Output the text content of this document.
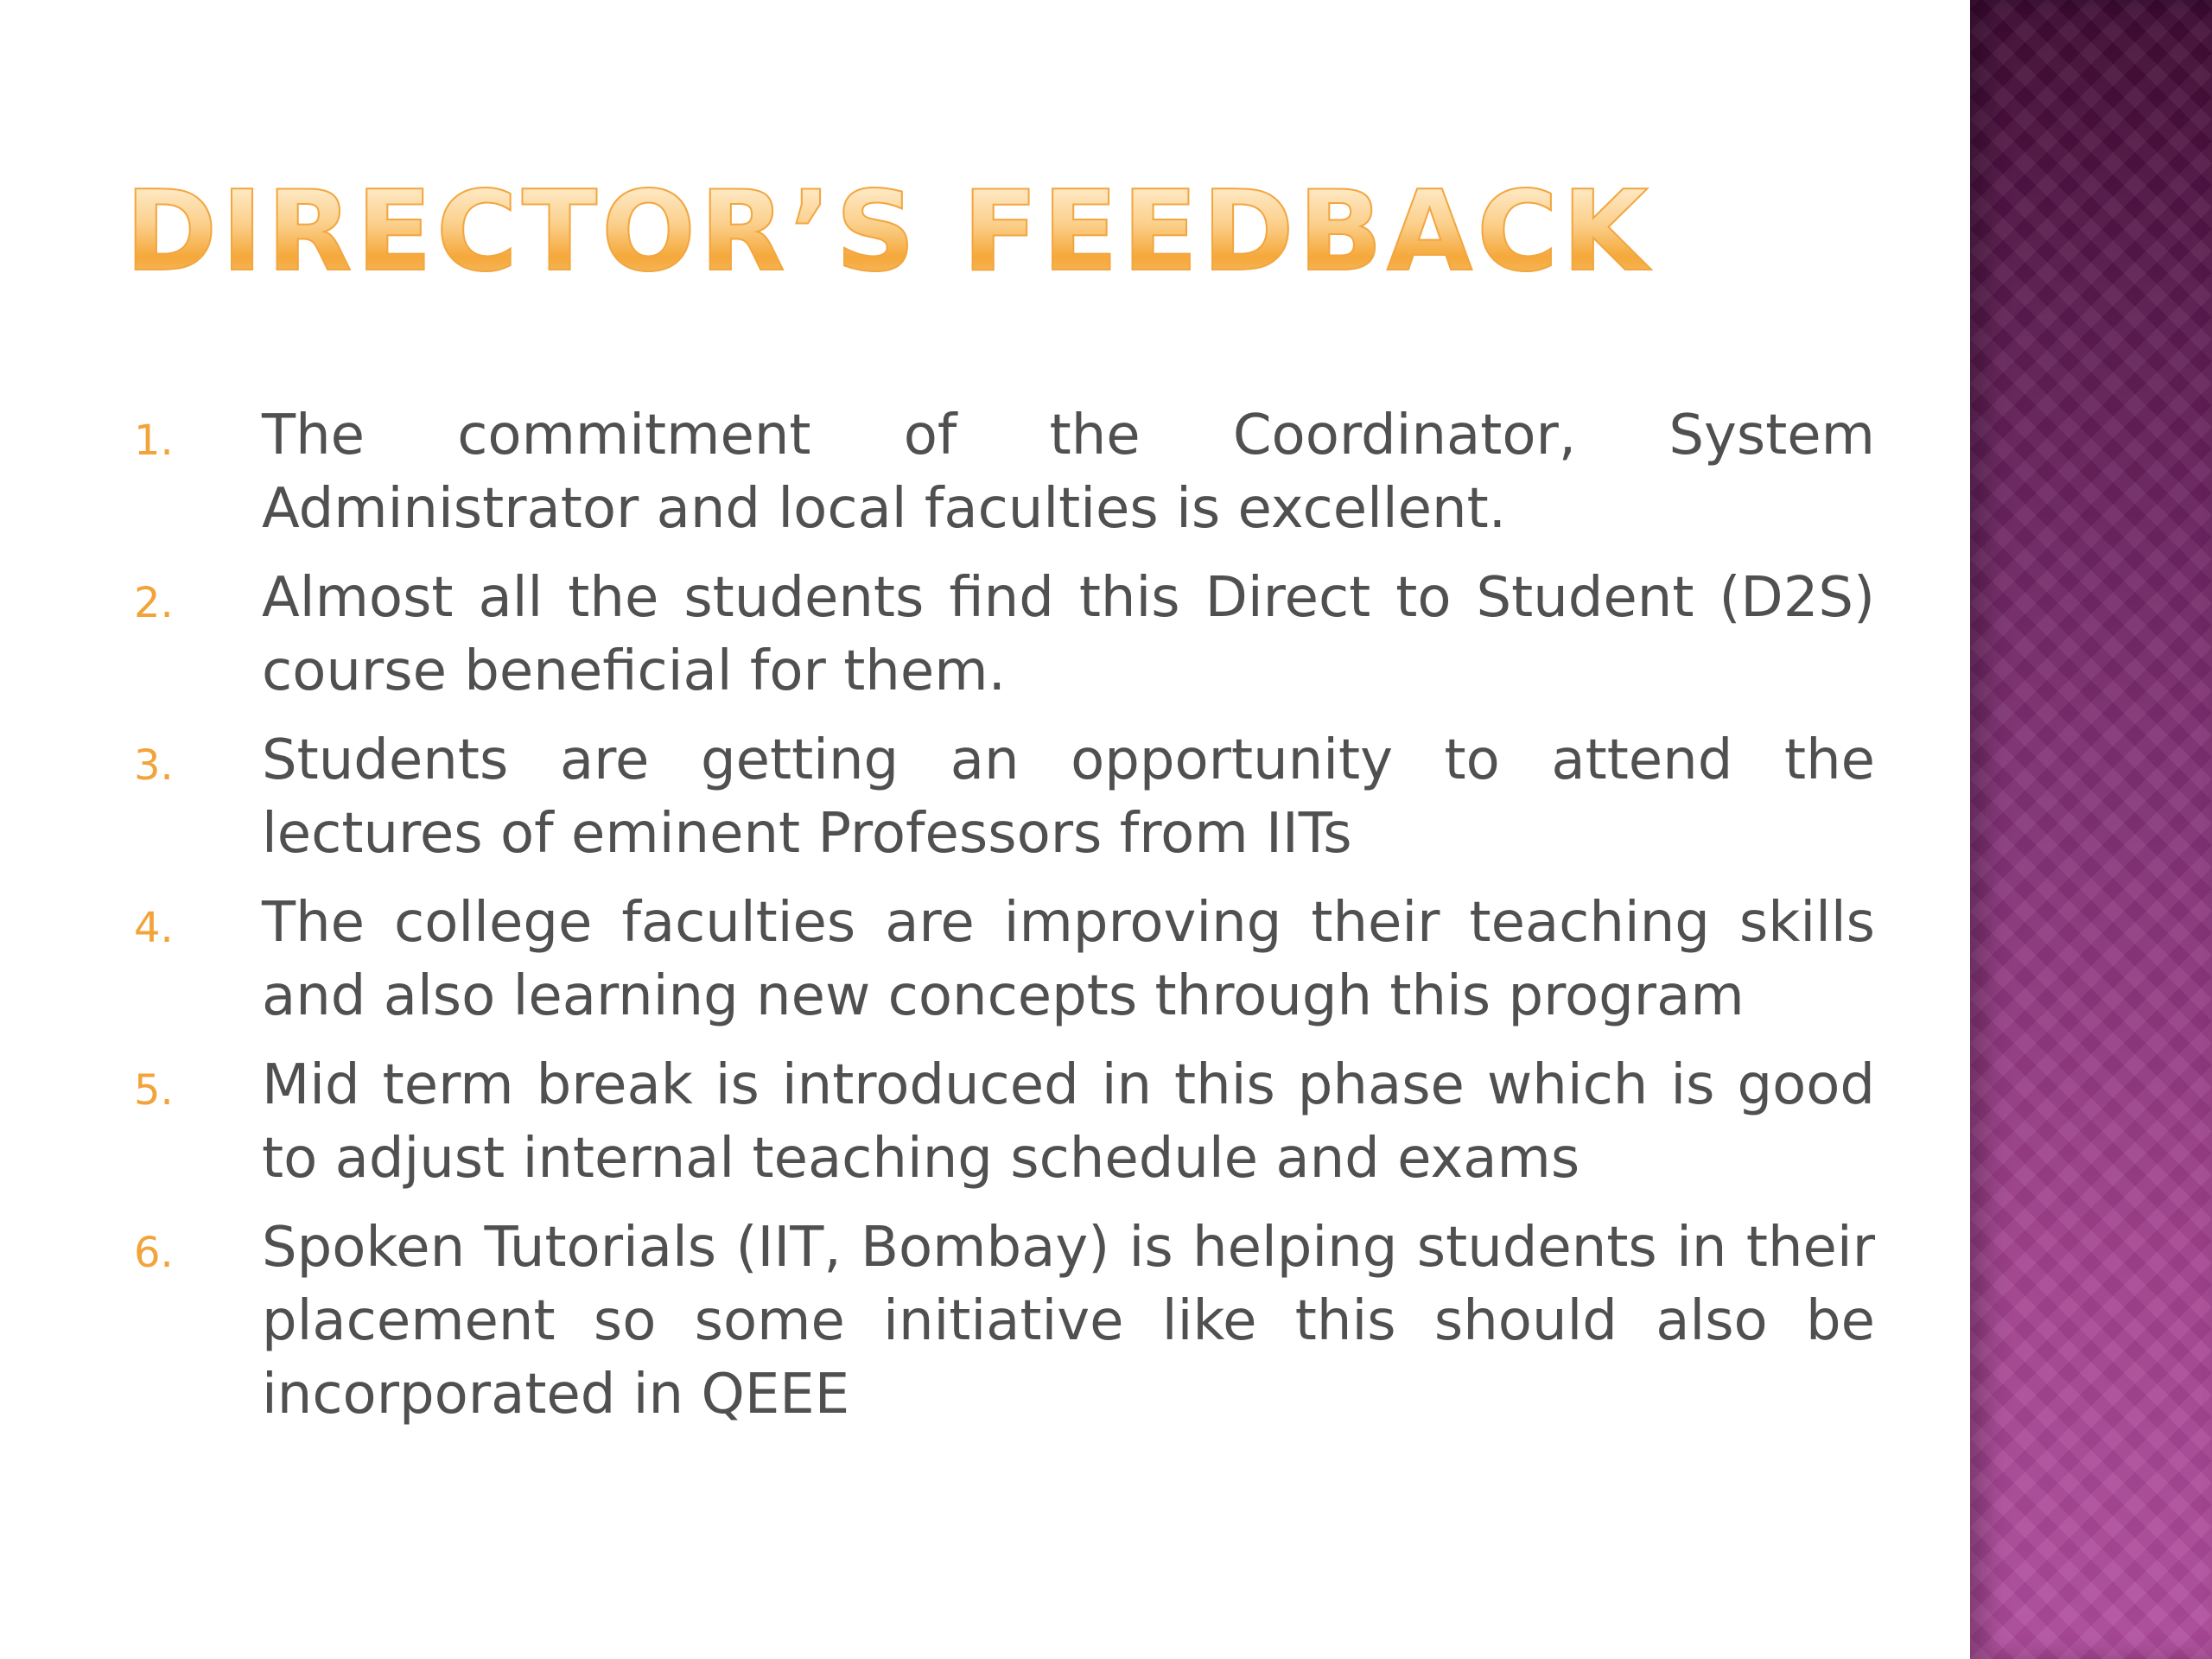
DIRECTOR’S FEEDBACK
1. The commitment of the Coordinator, System Administrator and local faculties is excellent.
2. Almost all the students find this Direct to Student (D2S) course beneficial for them.
3. Students are getting an opportunity to attend the lectures of eminent Professors from IITs
4. The college faculties are improving their teaching skills and also learning new concepts through this program
5. Mid term break is introduced in this phase which is good to adjust internal teaching schedule and exams
6. Spoken Tutorials (IIT, Bombay) is helping students in their placement so some initiative like this should also be incorporated in QEEE
